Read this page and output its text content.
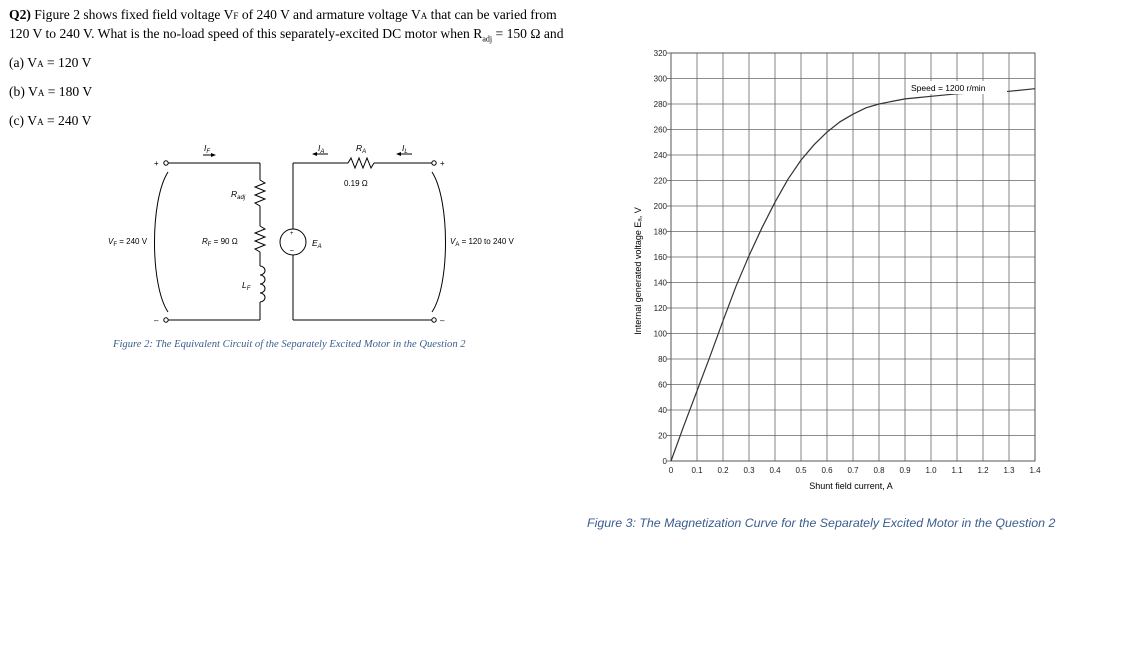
Q2) Figure 2 shows fixed field voltage VF of 240 V and armature voltage VA that can be varied from
120 V to 240 V. What is the no-load speed of this separately-excited DC motor when $R_{adj} = 150$ Ω and
(a) VA = 120 V
(b) VA = 180 V
(c) VA = 240 V
$I_F$	$I_A$	$R_A$	$I_L$
$R_{adj}$
$L_F$
$E_A$
0.19 Ω
$V_F = 240$ V	$R_F = 90$ Ω	$V_A = 120$ to 240 V
+
–
+
–
+
–
Figure 2: The Equivalent Circuit of the Separately Excited Motor in the Question 2
0
20
40
60
80
100
120
140
160
180
200
220
240
260
280
300
320
0 0.1 0.2 0.3 0.4 0.5 0.6 0.7 0.8 0.9 1.0 1.1 1.2 1.3 1.4
Internal generated voltage Eₐ, V
Shunt field current, A
Speed = 1200 r/min
Figure 3: The Magnetization Curve for the Separately Excited Motor in the Question 2
